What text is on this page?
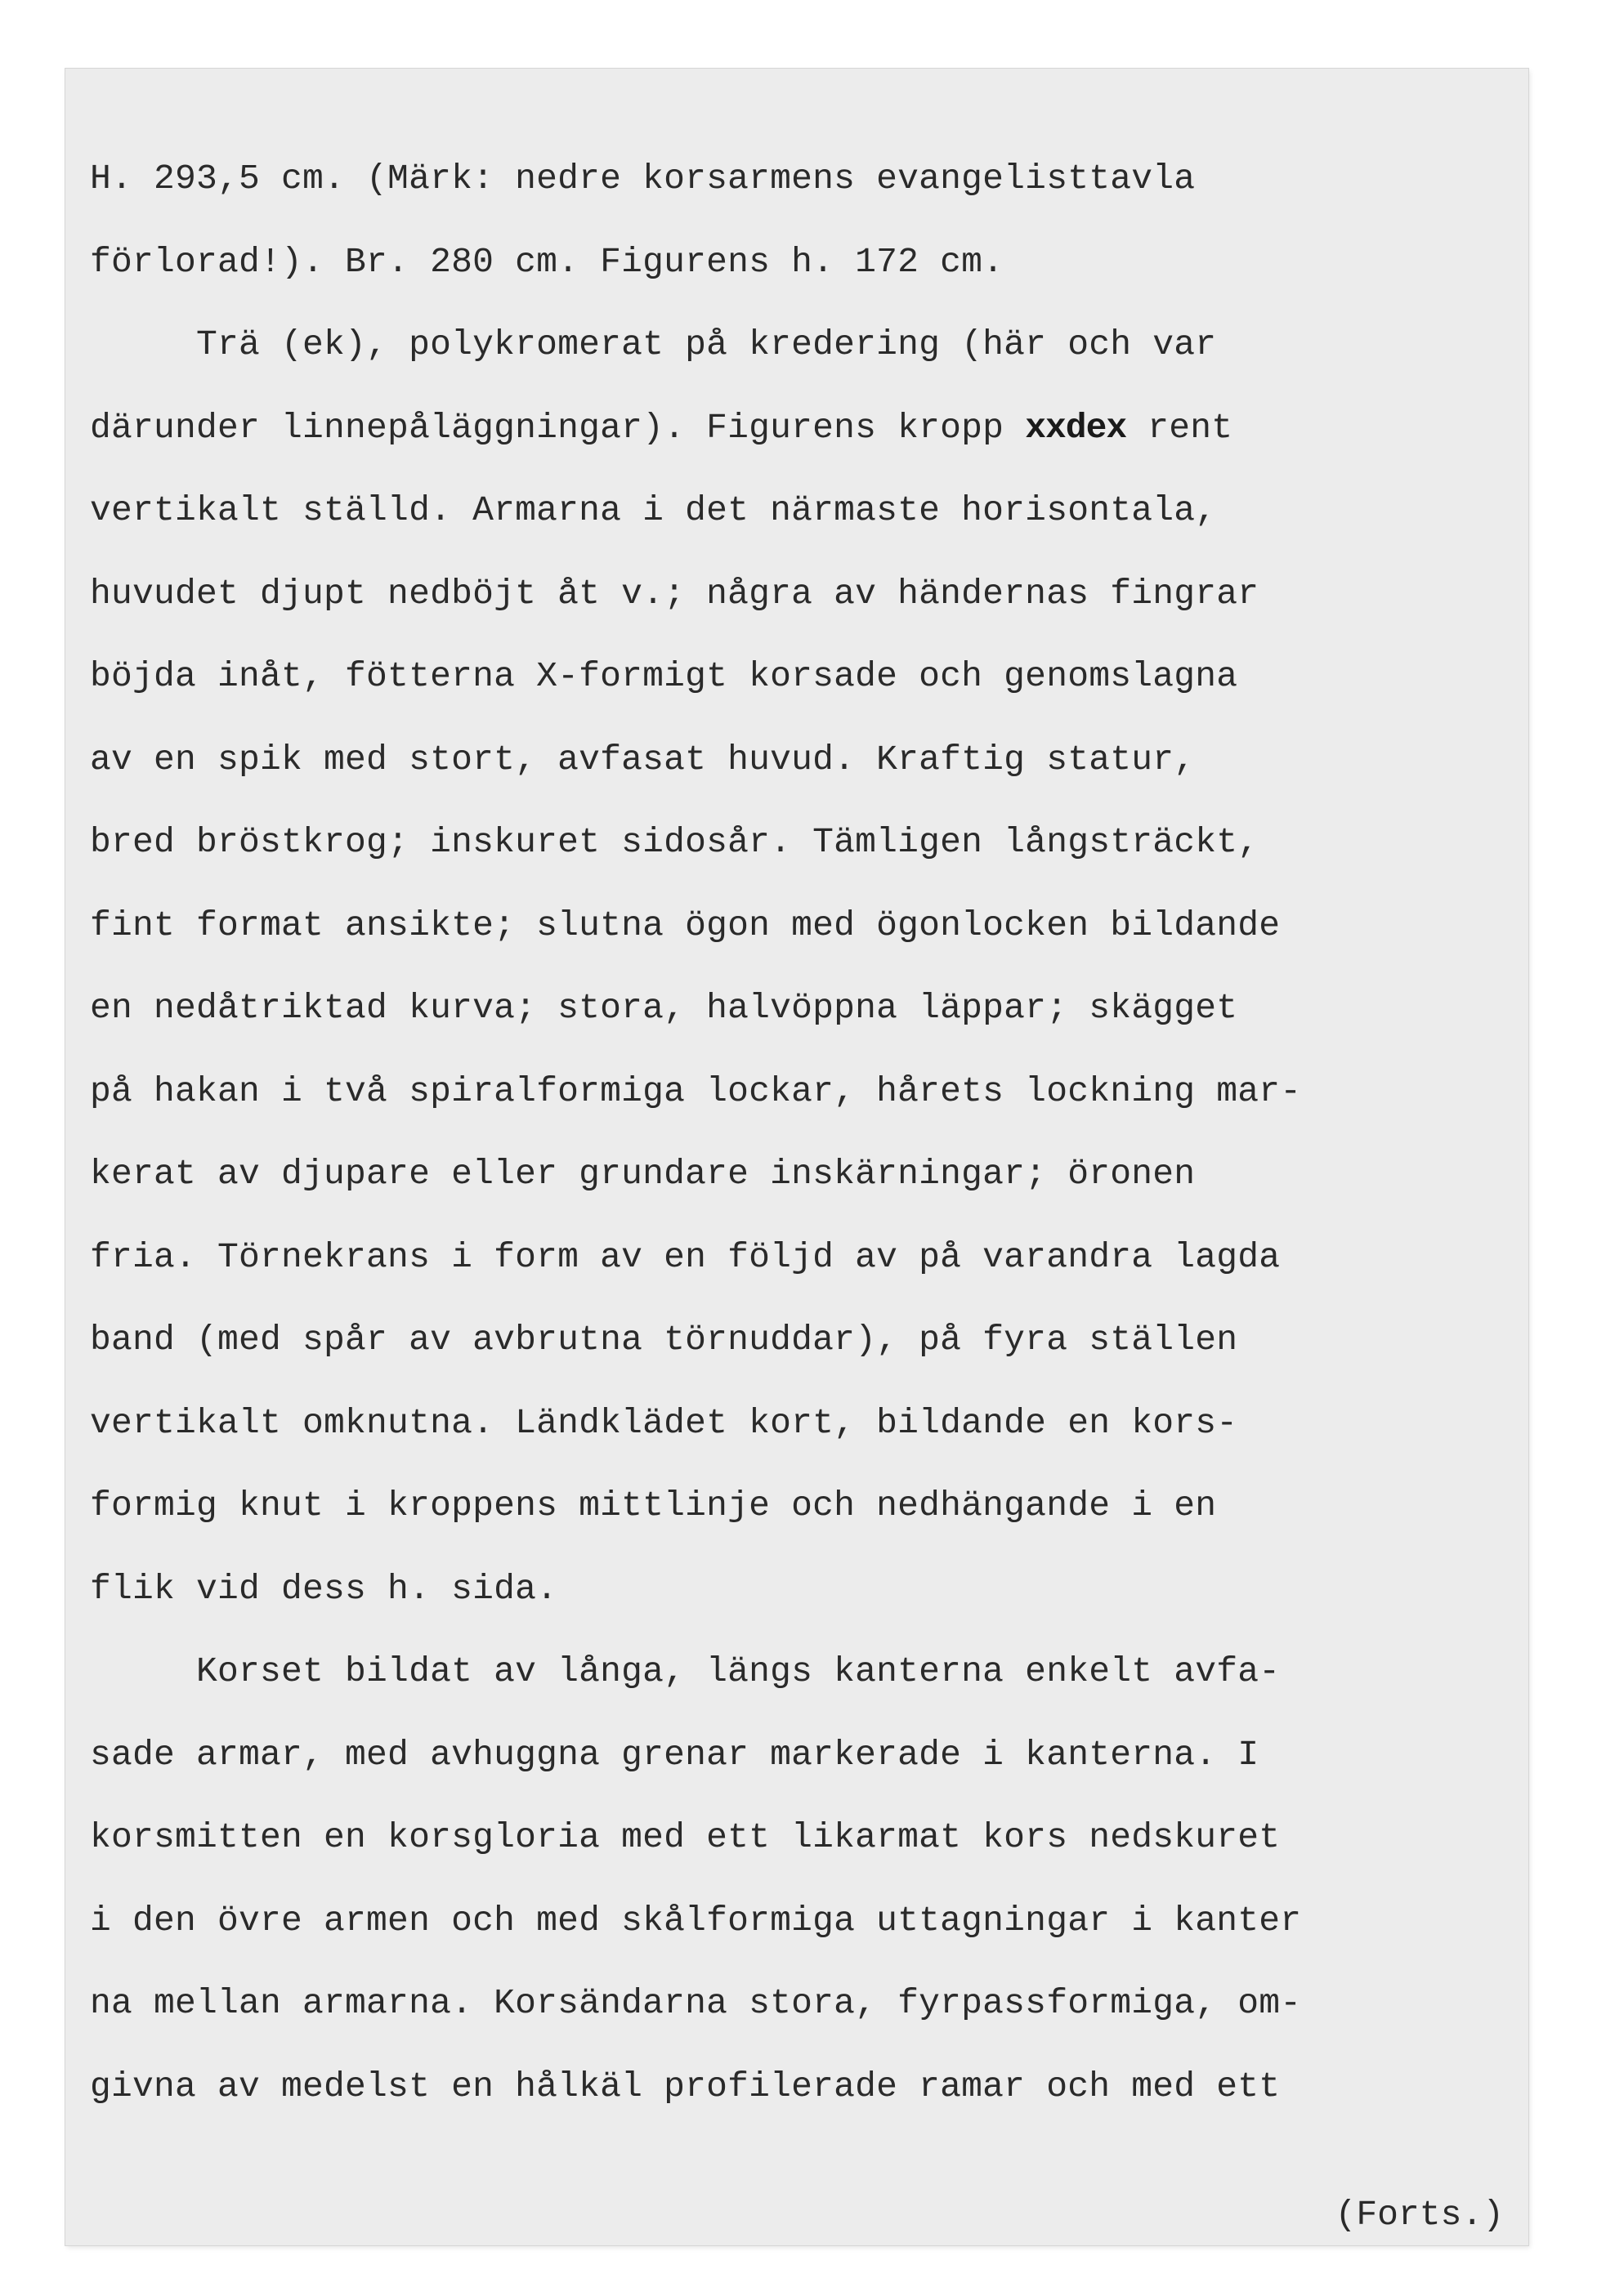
H. 293,5 cm. (Märk: nedre korsarmens evangelisttavla
förlorad!). Br. 280 cm. Figurens h. 172 cm.
Trä (ek), polykromerat på kredering (här och var
därunder linnepåläggningar). Figurens kropp xxdex rent
vertikalt ställd. Armarna i det närmaste horisontala,
huvudet djupt nedböjt åt v.; några av händernas fingrar
böjda inåt, fötterna X-formigt korsade och genomslagna
av en spik med stort, avfasat huvud. Kraftig statur,
bred bröstkrog; inskuret sidosår. Tämligen långsträckt,
fint format ansikte; slutna ögon med ögonlocken bildande
en nedåtriktad kurva; stora, halvöppna läppar; skägget
på hakan i två spiralformiga lockar, hårets lockning mar-
kerat av djupare eller grundare inskärningar; öronen
fria. Törnekrans i form av en följd av på varandra lagda
band (med spår av avbrutna törnuddar), på fyra ställen
vertikalt omknutna. Ländklädet kort, bildande en kors-
formig knut i kroppens mittlinje och nedhängande i en
flik vid dess h. sida.
Korset bildat av långa, längs kanterna enkelt avfa-
sade armar, med avhuggna grenar markerade i kanterna. I
korsmitten en korsgloria med ett likarmat kors nedskuret
i den övre armen och med skålformiga uttagningar i kanter
na mellan armarna. Korsändarna stora, fyrpassformiga, om-
givna av medelst en hålkäl profilerade ramar och med ett
(Forts.)
